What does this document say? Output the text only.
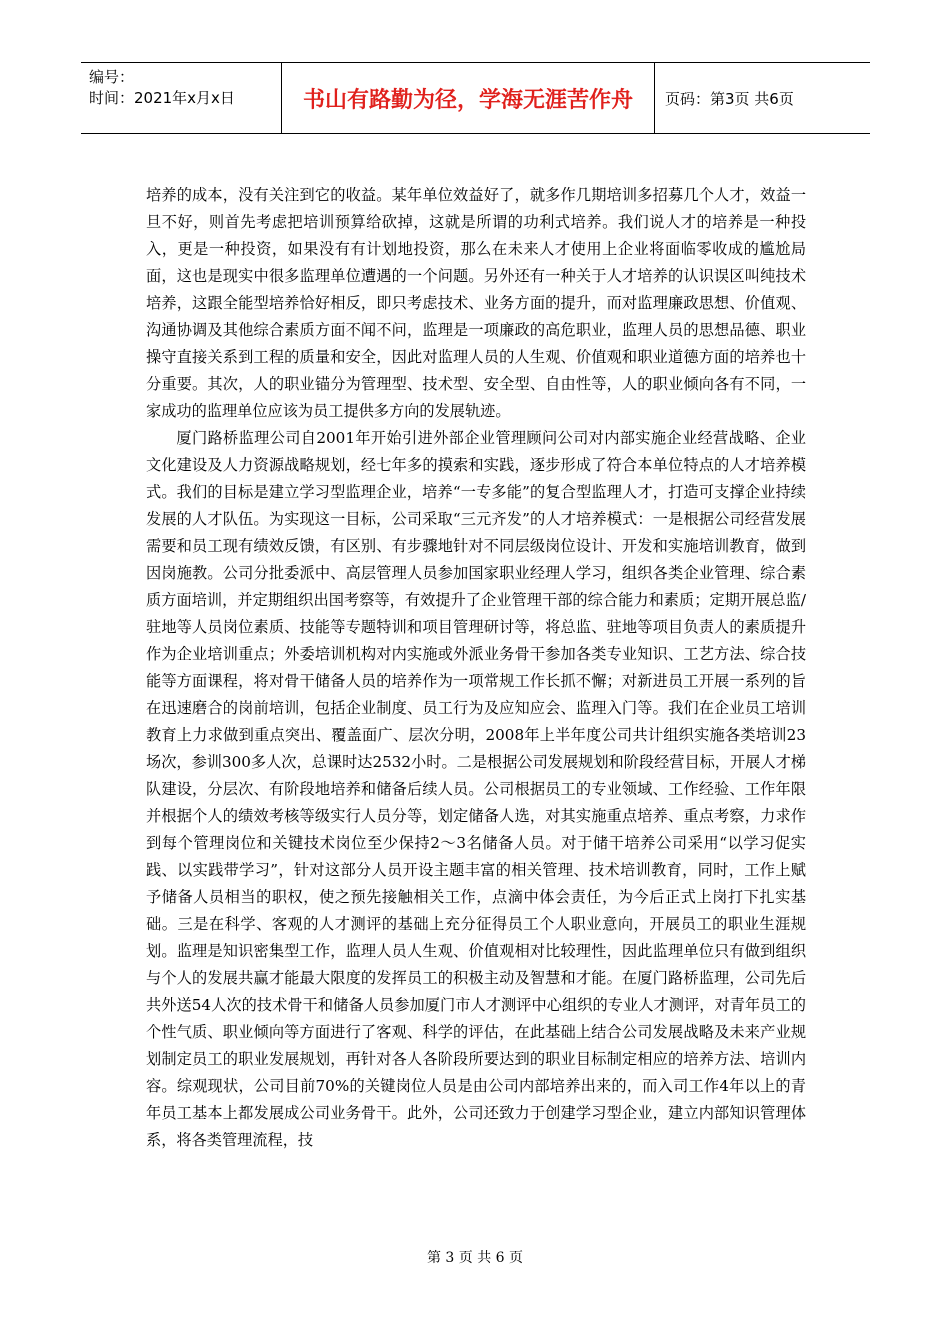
编号：
时间：2021年x月x日	书山有路勤为径，学海无涯苦作舟	页码：第3页 共6页

培养的成本，没有关注到它的收益。某年单位效益好了，就多作几期培训多招募几个人才，效益一旦不好，则首先考虑把培训预算给砍掉，这就是所谓的功利式培养。我们说人才的培养是一种投入，更是一种投资，如果没有有计划地投资，那么在未来人才使用上企业将面临零收成的尴尬局面，这也是现实中很多监理单位遭遇的一个问题。另外还有一种关于人才培养的认识误区叫纯技术培养，这跟全能型培养恰好相反，即只考虑技术、业务方面的提升，而对监理廉政思想、价值观、沟通协调及其他综合素质方面不闻不问，监理是一项廉政的高危职业，监理人员的思想品德、职业操守直接关系到工程的质量和安全，因此对监理人员的人生观、价值观和职业道德方面的培养也十分重要。其次，人的职业锚分为管理型、技术型、安全型、自由性等，人的职业倾向各有不同，一家成功的监理单位应该为员工提供多方向的发展轨迹。

厦门路桥监理公司自2001年开始引进外部企业管理顾问公司对内部实施企业经营战略、企业文化建设及人力资源战略规划，经七年多的摸索和实践，逐步形成了符合本单位特点的人才培养模式。我们的目标是建立学习型监理企业，培养“一专多能”的复合型监理人才，打造可支撑企业持续发展的人才队伍。为实现这一目标，公司采取“三元齐发”的人才培养模式：一是根据公司经营发展需要和员工现有绩效反馈，有区别、有步骤地针对不同层级岗位设计、开发和实施培训教育，做到因岗施教。公司分批委派中、高层管理人员参加国家职业经理人学习，组织各类企业管理、综合素质方面培训，并定期组织出国考察等，有效提升了企业管理干部的综合能力和素质；定期开展总监/驻地等人员岗位素质、技能等专题特训和项目管理研讨等，将总监、驻地等项目负责人的素质提升作为企业培训重点；外委培训机构对内实施或外派业务骨干参加各类专业知识、工艺方法、综合技能等方面课程，将对骨干储备人员的培养作为一项常规工作长抓不懈；对新进员工开展一系列的旨在迅速磨合的岗前培训，包括企业制度、员工行为及应知应会、监理入门等。我们在企业员工培训教育上力求做到重点突出、覆盖面广、层次分明，2008年上半年度公司共计组织实施各类培训23场次，参训300多人次，总课时达2532小时。二是根据公司发展规划和阶段经营目标，开展人才梯队建设，分层次、有阶段地培养和储备后续人员。公司根据员工的专业领域、工作经验、工作年限并根据个人的绩效考核等级实行人员分等，划定储备人选，对其实施重点培养、重点考察，力求作到每个管理岗位和关键技术岗位至少保持2～3名储备人员。对于储干培养公司采用“以学习促实践、以实践带学习”，针对这部分人员开设主题丰富的相关管理、技术培训教育，同时，工作上赋予储备人员相当的职权，使之预先接触相关工作，点滴中体会责任，为今后正式上岗打下扎实基础。三是在科学、客观的人才测评的基础上充分征得员工个人职业意向，开展员工的职业生涯规划。监理是知识密集型工作，监理人员人生观、价值观相对比较理性，因此监理单位只有做到组织与个人的发展共赢才能最大限度的发挥员工的积极主动及智慧和才能。在厦门路桥监理，公司先后共外送54人次的技术骨干和储备人员参加厦门市人才测评中心组织的专业人才测评，对青年员工的个性气质、职业倾向等方面进行了客观、科学的评估，在此基础上结合公司发展战略及未来产业规划制定员工的职业发展规划，再针对各人各阶段所要达到的职业目标制定相应的培养方法、培训内容。综观现状，公司目前70%的关键岗位人员是由公司内部培养出来的，而入司工作4年以上的青年员工基本上都发展成公司业务骨干。此外，公司还致力于创建学习型企业，建立内部知识管理体系，将各类管理流程，技

第 3 页 共 6 页
